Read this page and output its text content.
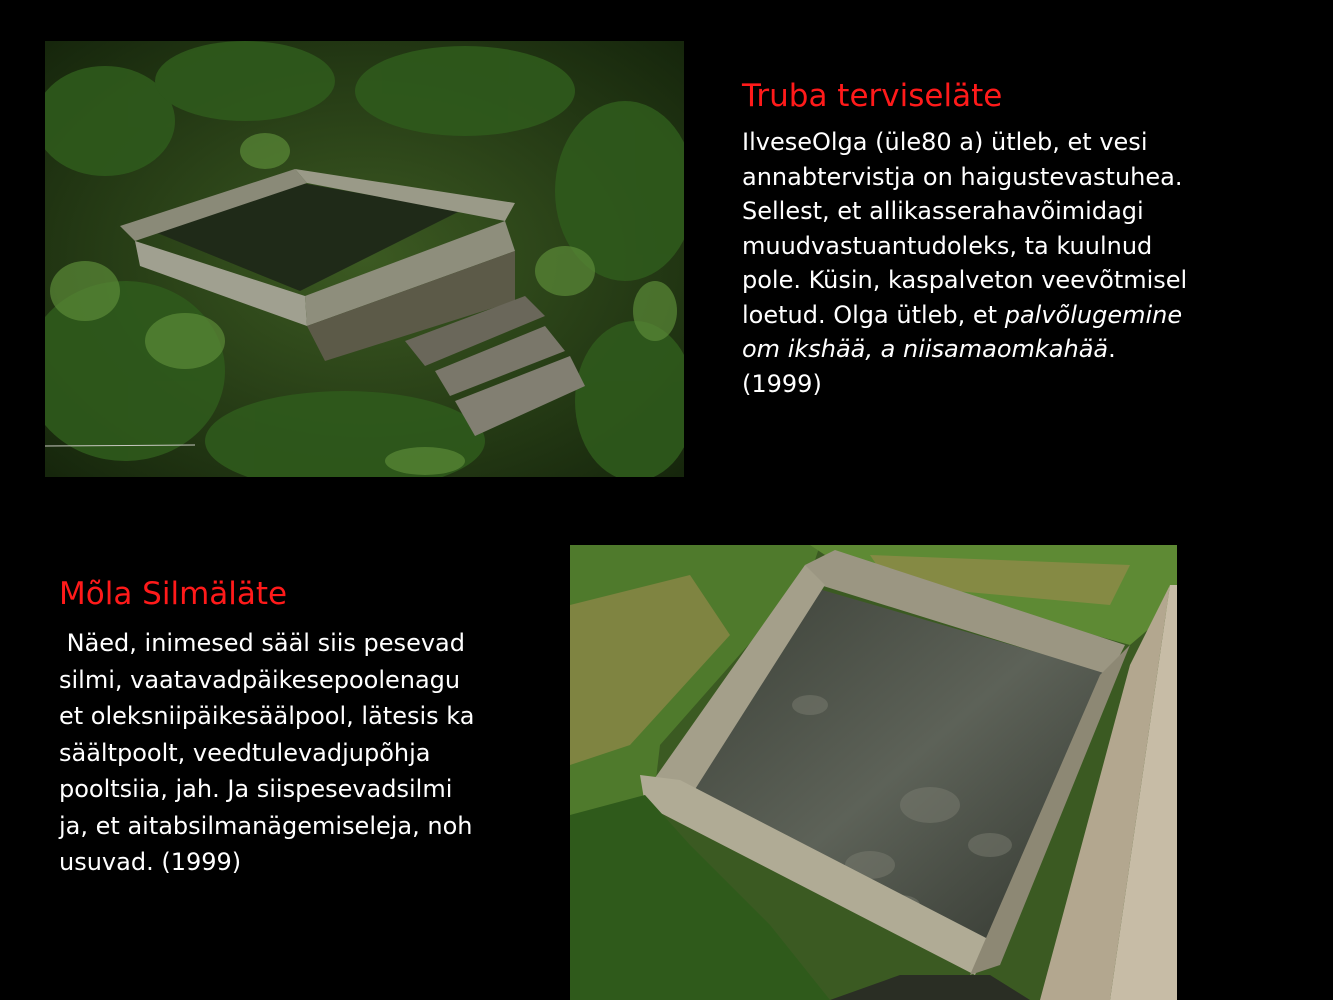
Truba terviseläte
IlveseOlga (üle80 a) ütleb, et vesi
annabtervistja on haigustevastuhea.
Sellest, et allikasserahavõimidagi
muudvastuantudoleks, ta kuulnud
pole. Küsin, kaspalveton veevõtmisel
loetud. Olga ütleb, et palvõlugemine
om ikshää, a niisamaomkahää.
(1999)
Mõla Silmäläte
Näed, inimesed sääl siis pesevad
silmi, vaatavadpäikesepoolenagu
et oleksniipäikesäälpool, lätesis ka
säältpoolt, veedtulevadjupõhja
pooltsiia, jah. Ja siispesevadsilmi
ja, et aitabsilmanägemiseleja, noh
usuvad. (1999)
